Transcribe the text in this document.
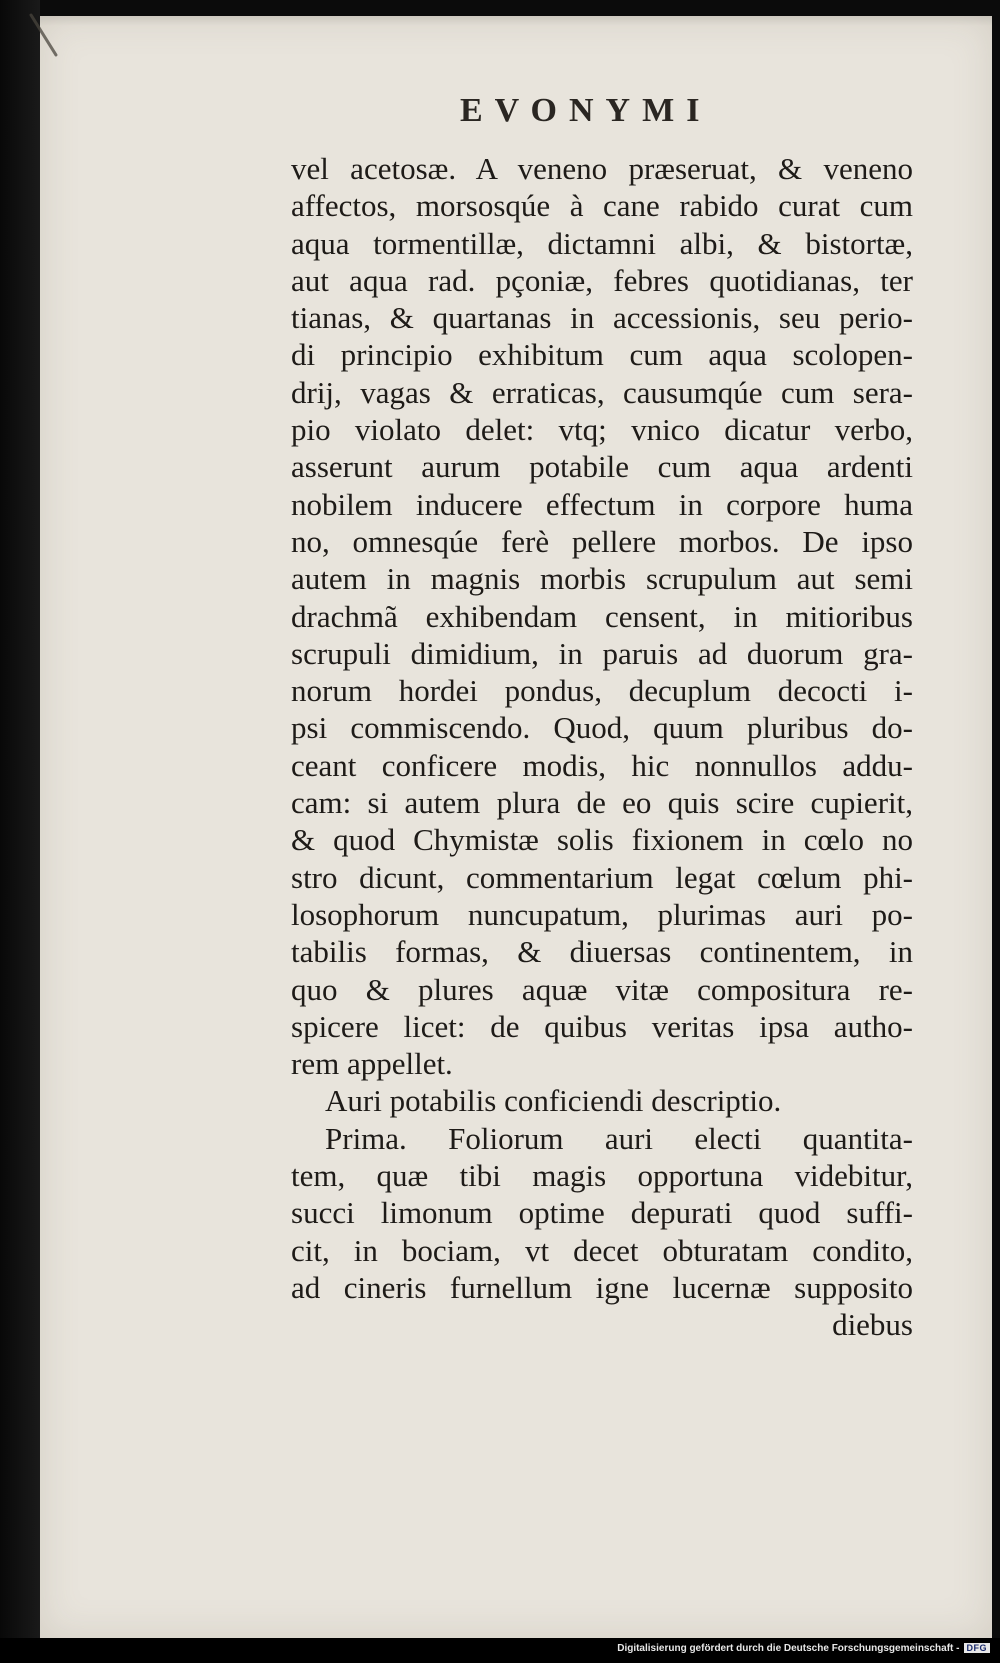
EVONYMI
vel acetosæ. A veneno præseruat, & veneno
affectos, morsosqúe à cane rabido curat cum
aqua tormentillæ, dictamni albi, & bistortæ,
aut aqua rad. pçoniæ, febres quotidianas, ter
tianas, & quartanas in accessionis, seu perio-
di principio exhibitum cum aqua scolopen-
drij, vagas & erraticas, causumqúe cum sera-
pio violato delet: vtq; vnico dicatur verbo,
asserunt aurum potabile cum aqua ardenti
nobilem inducere effectum in corpore huma
no, omnesqúe ferè pellere morbos. De ipso
autem in magnis morbis scrupulum aut semi
drachmã exhibendam censent, in mitioribus
scrupuli dimidium, in paruis ad duorum gra-
norum hordei pondus, decuplum decocti i-
psi commiscendo. Quod, quum pluribus do-
ceant conficere modis, hic nonnullos addu-
cam: si autem plura de eo quis scire cupierit,
& quod Chymistæ solis fixionem in cœlo no
stro dicunt, commentarium legat cœlum phi-
losophorum nuncupatum, plurimas auri po-
tabilis formas, & diuersas continentem, in
quo & plures aquæ vitæ compositura re-
spicere licet: de quibus veritas ipsa autho-
rem appellet.
Auri potabilis conficiendi descriptio.
Prima. Foliorum auri electi quantita-
tem, quæ tibi magis opportuna videbitur,
succi limonum optime depurati quod suffi-
cit, in bociam, vt decet obturatam condito,
ad cineris furnellum igne lucernæ supposito
diebus
Digitalisierung gefördert durch die Deutsche Forschungsgemeinschaft - DFG
